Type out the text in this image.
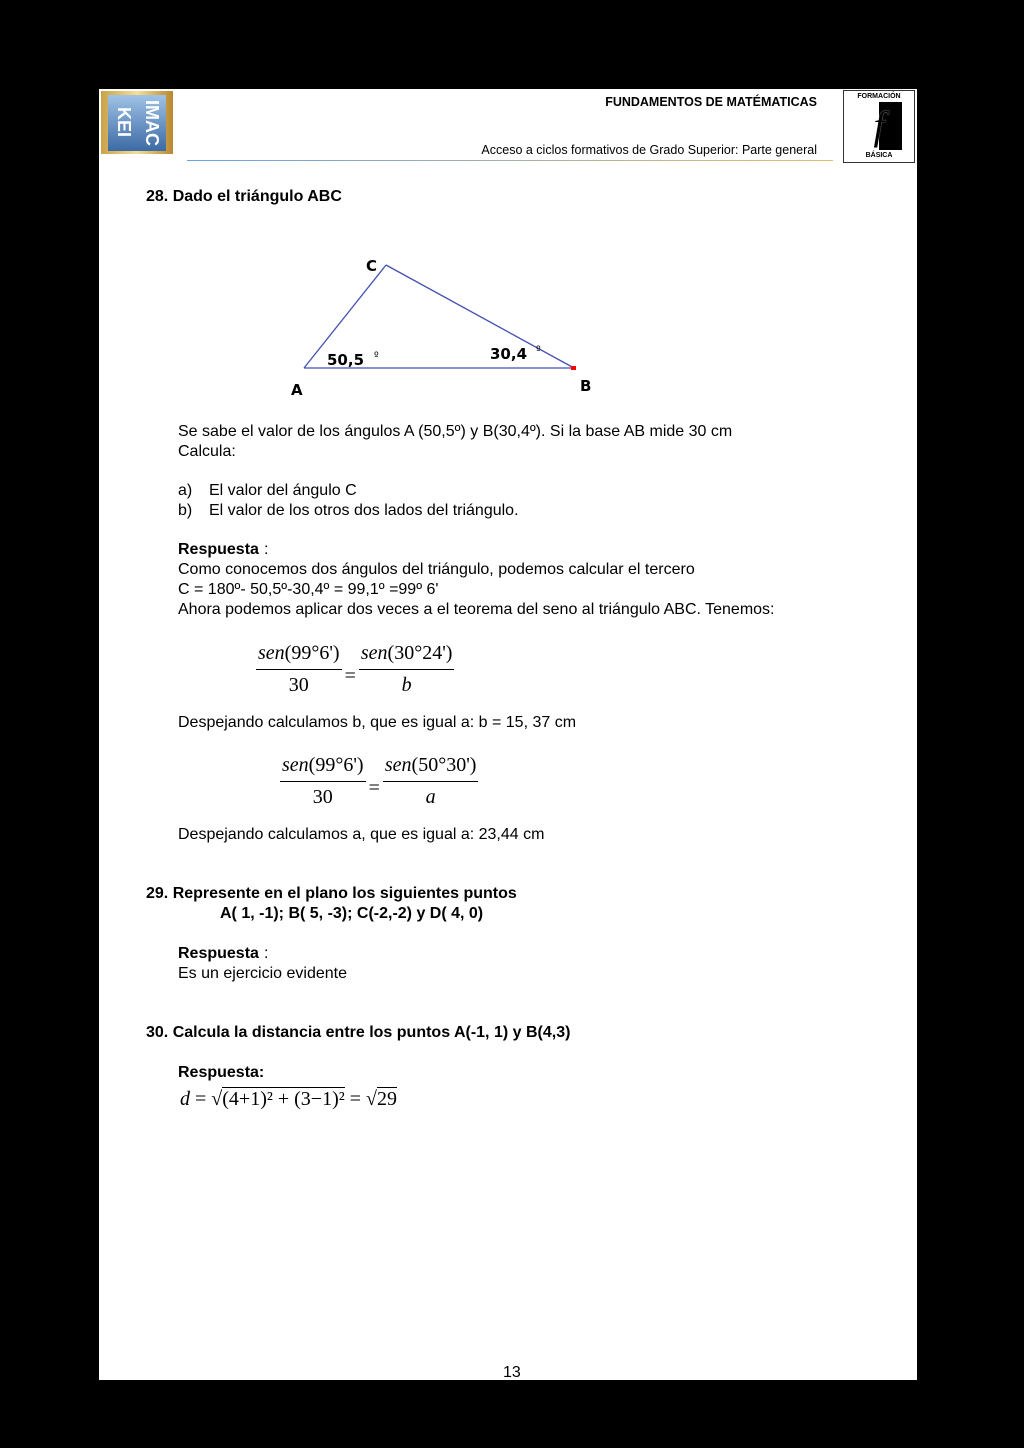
IMAC KEI
FUNDAMENTOS DE MATÉMATICAS
Acceso a ciclos formativos de Grado Superior: Parte general
FORMACIÓN
f
BÁSICA
28. Dado el triángulo ABC
C
A	B
50,5 º	30,4 º
Se sabe el valor de los ángulos A (50,5º) y B(30,4º). Si la base AB mide 30 cm
Calcula:
a) El valor del ángulo C
b) El valor de los otros dos lados del triángulo.
Respuesta :
Como conocemos dos ángulos del triángulo, podemos calcular el tercero
C = 180º- 50,5º-30,4º = 99,1º =99º 6'
Ahora podemos aplicar dos veces a el teorema del seno al triángulo ABC. Tenemos:
$\frac{\text{sen(99°6')}}{30} = \frac{\text{sen(30°24')}}{b}$
Despejando calculamos b, que es igual a: b = 15, 37 cm
$\frac{\text{sen(99°6')}}{30} = \frac{\text{sen(50°30')}}{a}$
Despejando calculamos a, que es igual a: 23,44 cm
29. Represente en el plano los siguientes puntos
A( 1, -1); B( 5, -3); C(-2,-2) y D( 4, 0)
Respuesta :
Es un ejercicio evidente
30. Calcula la distancia entre los puntos A(-1, 1) y B(4,3)
Respuesta:
d = √(4+1)² + (3−1)² = √29
13
